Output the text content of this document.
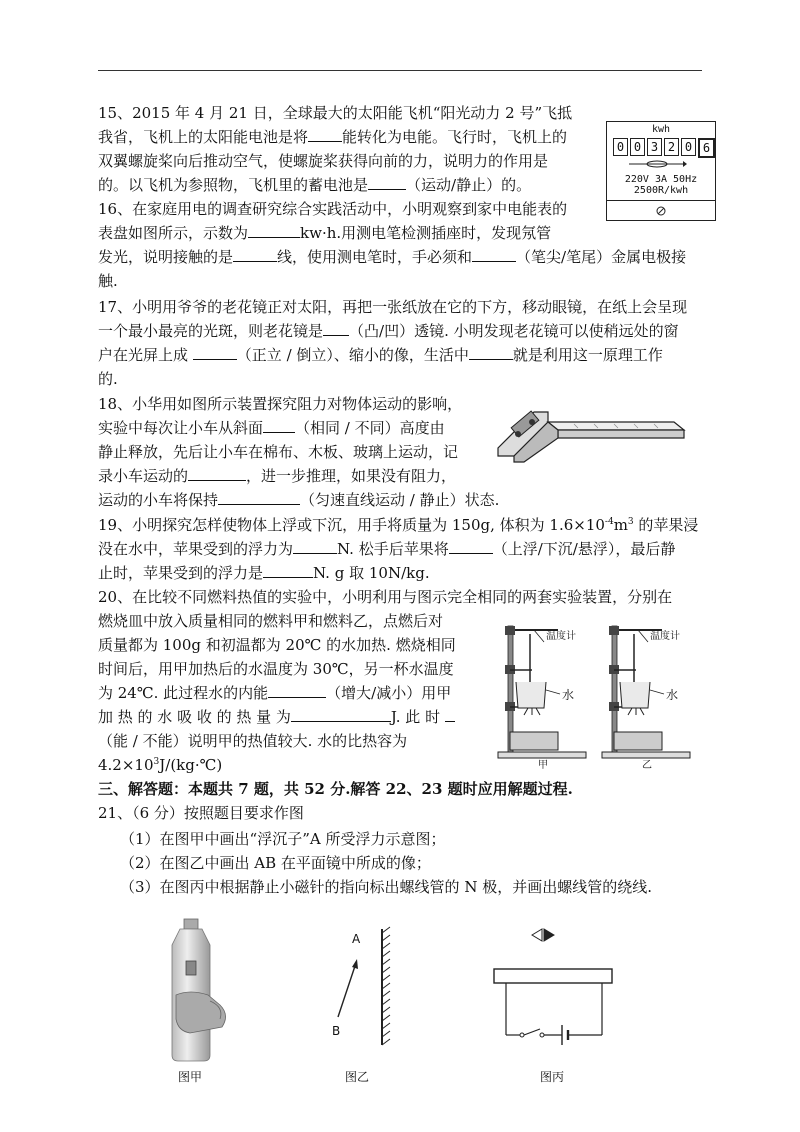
15、2015 年 4 月 21 日，全球最大的太阳能飞机“阳光动力 2 号”飞抵
我省，飞机上的太阳能电池是将 能转化为电能。飞行时，飞机上的
双翼螺旋桨向后推动空气，使螺旋桨获得向前的力，说明力的作用是
的。以飞机为参照物，飞机里的蓄电池是	（运动/静止）的。
16、在家庭用电的调查研究综合实践活动中，小明观察到家中电能表的
表盘如图所示，示数为	kw·h.用测电笔检测插座时，发现氖管
发光，说明接触的是	线，使用测电笔时，手必须和	（笔尖/笔尾）金属电极接
触.
kwh
0 0 3 2 0 6
220V 3A 50Hz
2500R/kwh
17、小明用爷爷的老花镜正对太阳，再把一张纸放在它的下方，移动眼镜，在纸上会呈现
一个最小最亮的光斑，则老花镜是 （凸/凹）透镜. 小明发现老花镜可以使稍远处的窗
户在光屏上成	（正立 / 倒立）、缩小的像，生活中	就是利用这一原理工作
的.
18、小华用如图所示装置探究阻力对物体运动的影响，
实验中每次让小车从斜面 （相同 / 不同）高度由
静止释放，先后让小车在棉布、木板、玻璃上运动，记
录小车运动的	，进一步推理，如果没有阻力，
运动的小车将保持	（匀速直线运动 / 静止）状态.
19、小明探究怎样使物体上浮或下沉，用手将质量为 150g, 体积为 $1.6\times 10^{-4}m^3$ 的苹果浸
没在水中，苹果受到的浮力为	N. 松手后苹果将	（上浮/下沉/悬浮），最后静
止时，苹果受到的浮力是	N. g 取 10N/kg.
20、在比较不同燃料热值的实验中，小明利用与图示完全相同的两套实验装置，分别在
燃烧皿中放入质量相同的燃料甲和燃料乙，点燃后对
质量都为 100g 和初温都为 20℃ 的水加热. 燃烧相同
时间后，用甲加热后的水温度为 30℃，另一杯水温度
为 24℃. 此过程水的内能	（增大/减小）用甲
加 热 的 水 吸 收 的 热 量 为	J. 此 时
（能 / 不能）说明甲的热值较大. 水的比热容为
$4.2\times 10^3J/(kg\cdot℃)$
温度计	温度计
水	水
甲	乙
三、解答题：本题共 7 题，共 52 分.解答 22、23 题时应用解题过程.
21、（6 分）按照题目要求作图
（1）在图甲中画出“浮沉子”A 所受浮力示意图；
（2）在图乙中画出 AB 在平面镜中所成的像；
（3）在图丙中根据静止小磁针的指向标出螺线管的 N 极，并画出螺线管的绕线.
A
B
图甲	图乙	图丙
